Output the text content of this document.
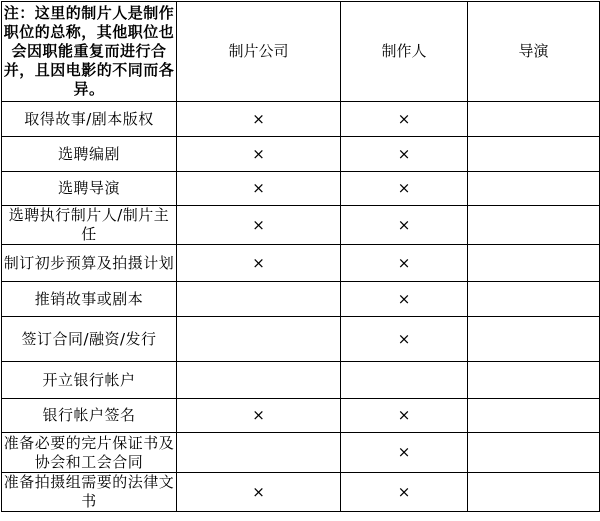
注：这里的制片人是制作职位的总称，其他职位也会因职能重复而进行合并，且因电影的不同而各异。	制片公司	制作人	导演
取得故事/剧本版权	×	×	
选聘编剧	×	×	
选聘导演	×	×	
选聘执行制片人/制片主任	×	×	
制订初步预算及拍摄计划	×	×	
推销故事或剧本		×	
签订合同/融资/发行		×	
开立银行帐户			
银行帐户签名	×	×	
准备必要的完片保证书及协会和工会合同		×	
准备拍摄组需要的法律文书	×	×	
